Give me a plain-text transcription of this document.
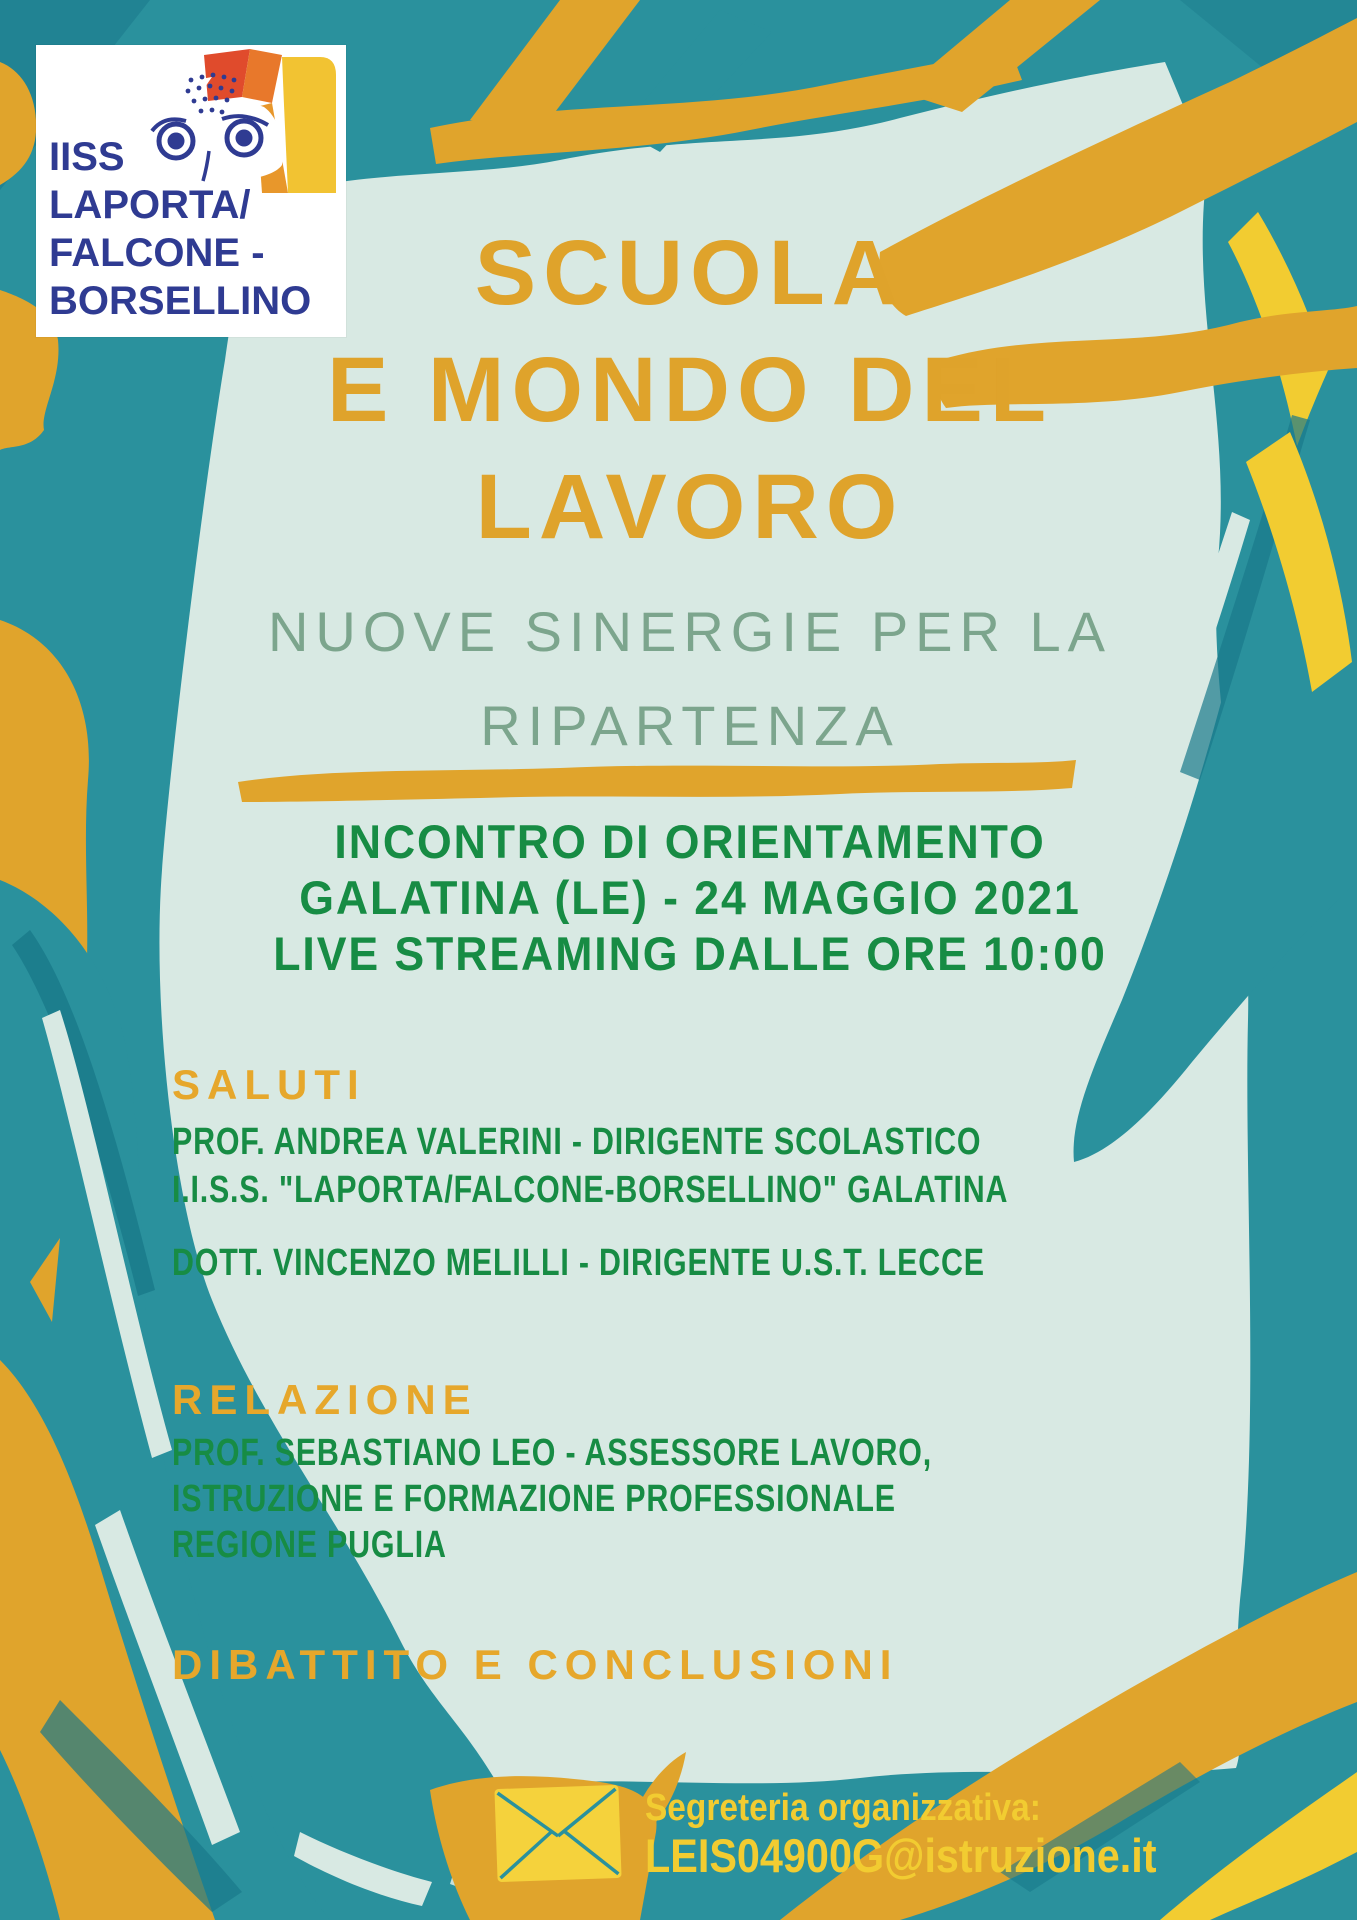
IISS
LAPORTA/
FALCONE -
BORSELLINO	SCUOLA
E MONDO DEL
LAVORO
NUOVE SINERGIE PER LA
RIPARTENZA
INCONTRO DI ORIENTAMENTO
GALATINA (LE) - 24 MAGGIO 2021
LIVE STREAMING DALLE ORE 10:00
SALUTI
PROF. ANDREA VALERINI - DIRIGENTE SCOLASTICO
I.I.S.S. "LAPORTA/FALCONE-BORSELLINO" GALATINA
DOTT. VINCENZO MELILLI - DIRIGENTE U.S.T. LECCE
RELAZIONE
PROF. SEBASTIANO LEO - ASSESSORE LAVORO,
ISTRUZIONE E FORMAZIONE PROFESSIONALE
REGIONE PUGLIA
DIBATTITO E CONCLUSIONI
Segreteria organizzativa:
LEIS04900G@istruzione.it
